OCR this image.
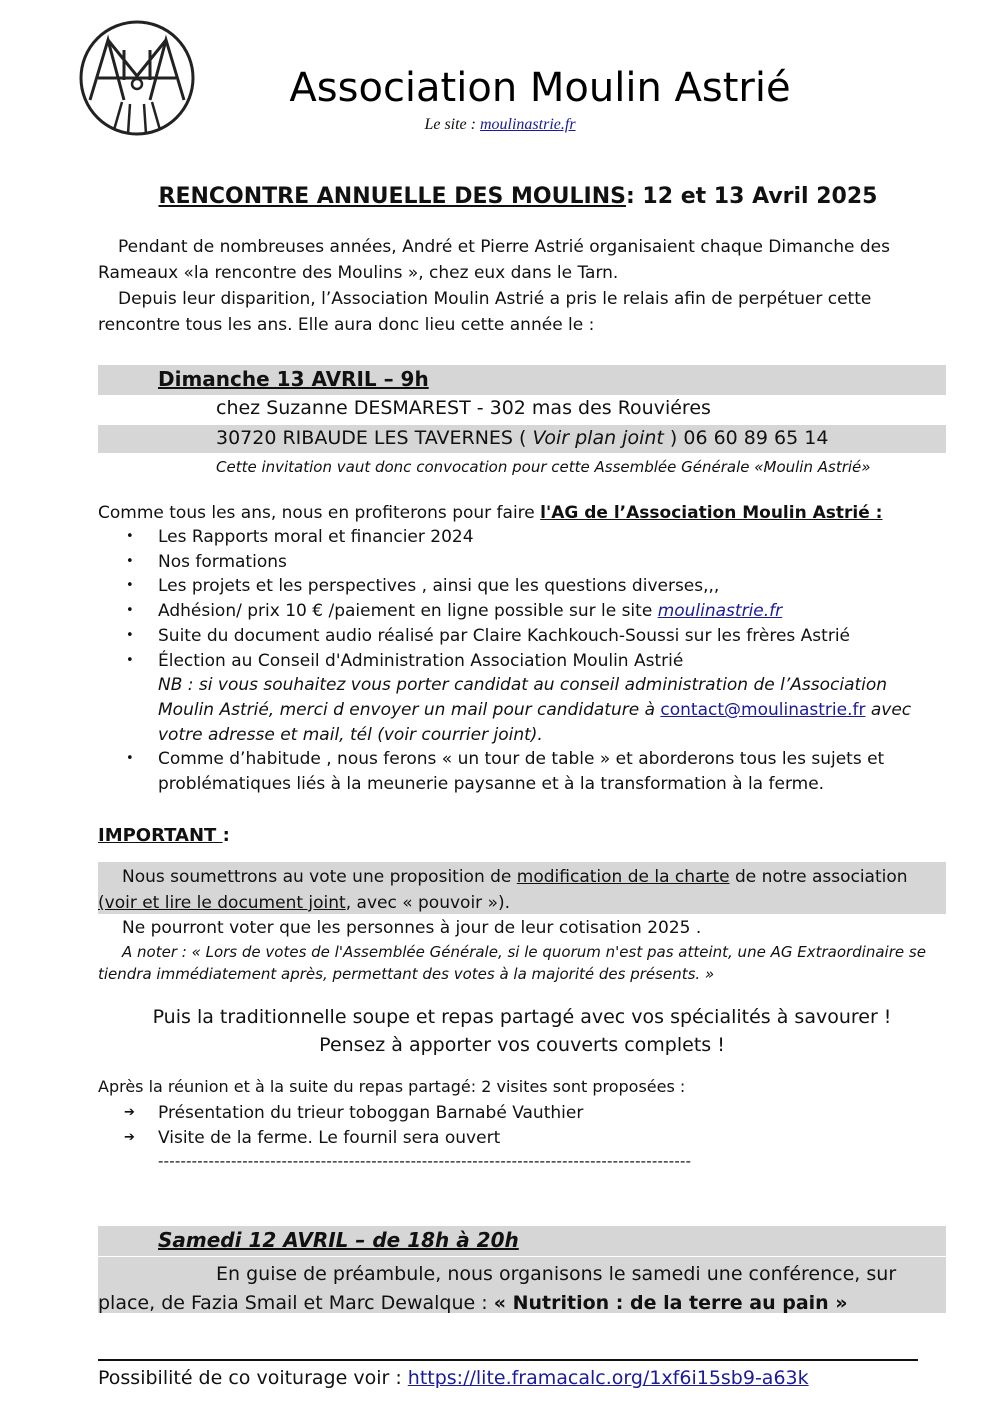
Association Moulin Astrié
Le site : moulinastrie.fr
RENCONTRE ANNUELLE DES MOULINS: 12 et 13 Avril 2025
Pendant de nombreuses années, André et Pierre Astrié organisaient chaque Dimanche des Rameaux «la rencontre des Moulins », chez eux dans le Tarn.
Depuis leur disparition, l’Association Moulin Astrié a pris le relais afin de perpétuer cette rencontre tous les ans. Elle aura donc lieu cette année le :
Dimanche 13 AVRIL – 9h
chez Suzanne DESMAREST - 302 mas des Rouviéres
30720 RIBAUDE LES TAVERNES ( Voir plan joint ) 06 60 89 65 14
Cette invitation vaut donc convocation pour cette Assemblée Générale «Moulin Astrié»
Comme tous les ans, nous en profiterons pour faire l'AG de l’Association Moulin Astrié :
• Les Rapports moral et financier 2024
• Nos formations
• Les projets et les perspectives , ainsi que les questions diverses,,,
• Adhésion/ prix 10 € /paiement en ligne possible sur le site moulinastrie.fr
• Suite du document audio réalisé par Claire Kachkouch-Soussi sur les frères Astrié
• Élection au Conseil d'Administration Association Moulin Astrié
NB : si vous souhaitez vous porter candidat au conseil administration de l’Association Moulin Astrié, merci d envoyer un mail pour candidature à contact@moulinastrie.fr avec votre adresse et mail, tél (voir courrier joint).
• Comme d’habitude , nous ferons « un tour de table » et aborderons tous les sujets et problématiques liés à la meunerie paysanne et à la transformation à la ferme.
IMPORTANT :
Nous soumettrons au vote une proposition de modification de la charte de notre association
(voir et lire le document joint, avec « pouvoir »).
Ne pourront voter que les personnes à jour de leur cotisation 2025 .
A noter : « Lors de votes de l'Assemblée Générale, si le quorum n'est pas atteint, une AG Extraordinaire se tiendra immédiatement après, permettant des votes à la majorité des présents. »
Puis la traditionnelle soupe et repas partagé avec vos spécialités à savourer !
Pensez à apporter vos couverts complets !
Après la réunion et à la suite du repas partagé: 2 visites sont proposées :
➔ Présentation du trieur toboggan Barnabé Vauthier
➔ Visite de la ferme. Le fournil sera ouvert
-----------------------------------------------------------------------------------------------
Samedi 12 AVRIL – de 18h à 20h
En guise de préambule, nous organisons le samedi une conférence, sur place, de Fazia Smail et Marc Dewalque : « Nutrition : de la terre au pain »
Possibilité de co voiturage voir : https://lite.framacalc.org/1xf6i15sb9-a63k
